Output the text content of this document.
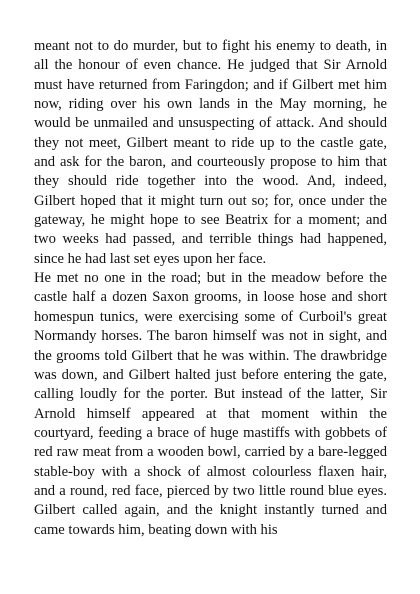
meant not to do murder, but to fight his enemy to death, in all the honour of even chance. He judged that Sir Arnold must have returned from Faringdon; and if Gilbert met him now, riding over his own lands in the May morning, he would be unmailed and unsuspecting of attack. And should they not meet, Gilbert meant to ride up to the castle gate, and ask for the baron, and courteously propose to him that they should ride together into the wood. And, indeed, Gilbert hoped that it might turn out so; for, once under the gateway, he might hope to see Beatrix for a moment; and two weeks had passed, and terrible things had happened, since he had last set eyes upon her face.

He met no one in the road; but in the meadow before the castle half a dozen Saxon grooms, in loose hose and short homespun tunics, were exercising some of Curboil's great Normandy horses. The baron himself was not in sight, and the grooms told Gilbert that he was within. The drawbridge was down, and Gilbert halted just before entering the gate, calling loudly for the porter. But instead of the latter, Sir Arnold himself appeared at that moment within the courtyard, feeding a brace of huge mastiffs with gobbets of red raw meat from a wooden bowl, carried by a bare-legged stable-boy with a shock of almost colourless flaxen hair, and a round, red face, pierced by two little round blue eyes. Gilbert called again, and the knight instantly turned and came towards him, beating down with his
